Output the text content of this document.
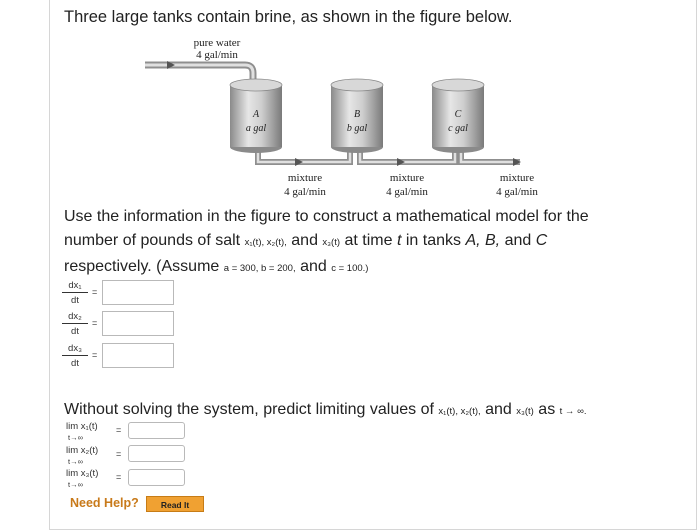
Three large tanks contain brine, as shown in the figure below.
pure water
4 gal/min
A
a gal
B
b gal
C
c gal
mixture
4 gal/min
mixture
4 gal/min
mixture
4 gal/min
Use the information in the figure to construct a mathematical model for the
number of pounds of salt x₁(t), x₂(t), and x₃(t) at time t in tanks A, B, and C
respectively. (Assume a = 300, b = 200, and c = 100.)
$\frac{\text{dx₁}}{dt}$ =
$\frac{\text{dx₂}}{dt}$ =
$\frac{\text{dx₃}}{dt}$ =
Without solving the system, predict limiting values of x₁(t), x₂(t), and x₃(t) as t → ∞.
lim x₁(t)
t→∞
=
lim x₂(t)
t→∞
=
lim x₃(t)
t→∞
=
Need Help?	Read It
